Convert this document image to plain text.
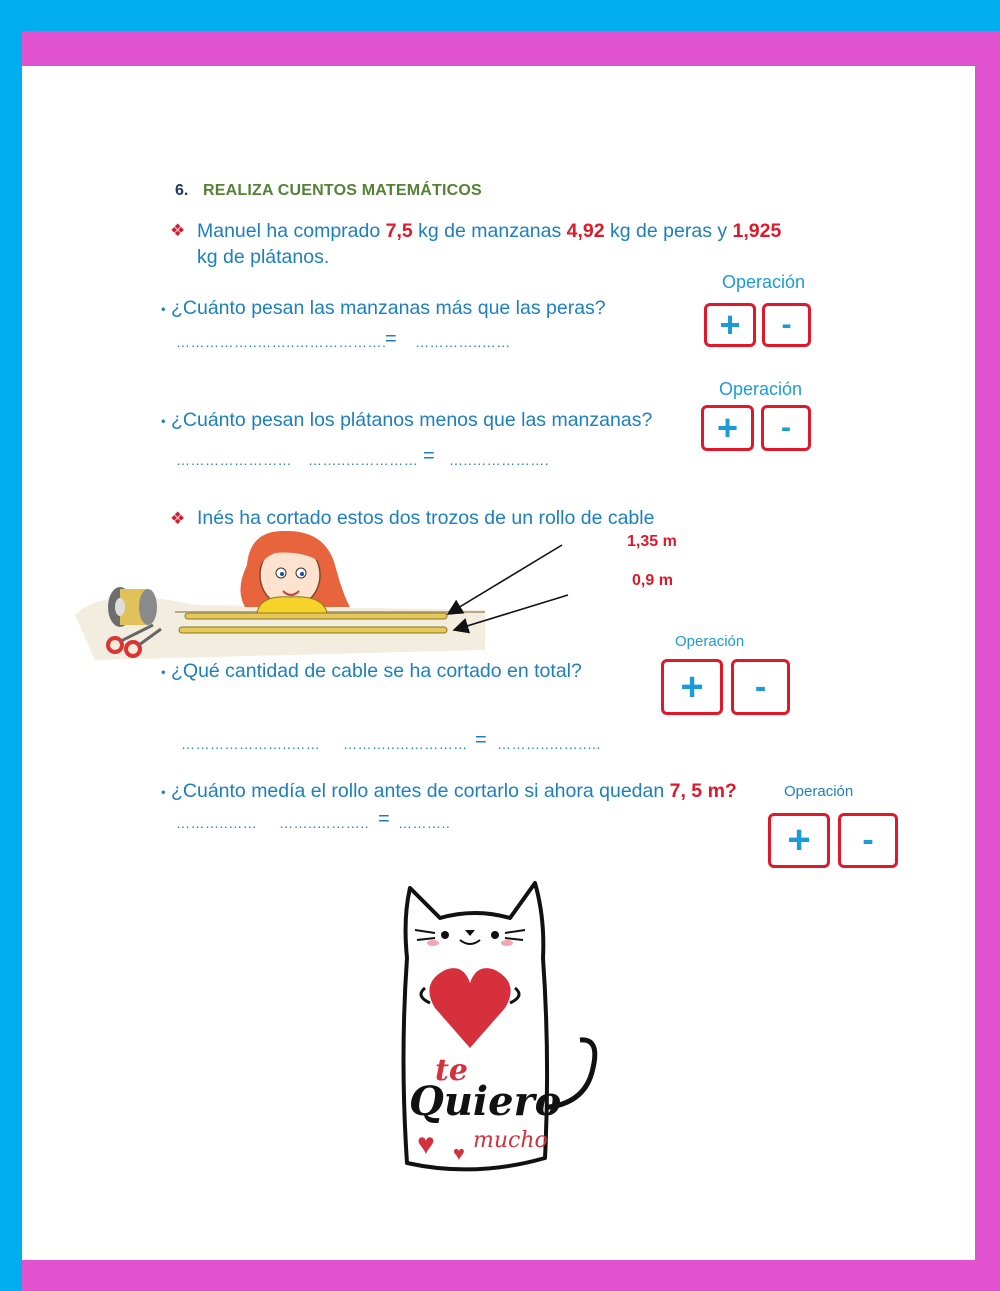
6. REALIZA CUENTOS MATEMÁTICOS
❖ Manuel ha comprado 7,5 kg de manzanas 4,92 kg de peras y 1,925
kg de plátanos.
Operación
• ¿Cuánto pesan las manzanas más que las peras?
……………..……..……………….
= …………..……	+	-
Operación
• ¿Cuánto pesan los plátanos menos que las manzanas?	+	-
…………………… ……..…………… = …..…………….
❖ Inés ha cortado estos dos trozos de un rollo de cable
1,35 m
0,9 m
Operación
• ¿Qué cantidad de cable se ha cortado en total?	+	-
…………………..…… ………..…………… = ………..……..…
• ¿Cuánto medía el rollo antes de cortarlo si ahora quedan 7, 5 m?	Operación
………..…… ……..……….. = ………..	+	-
te
Quiero
mucho
♥ ♥
